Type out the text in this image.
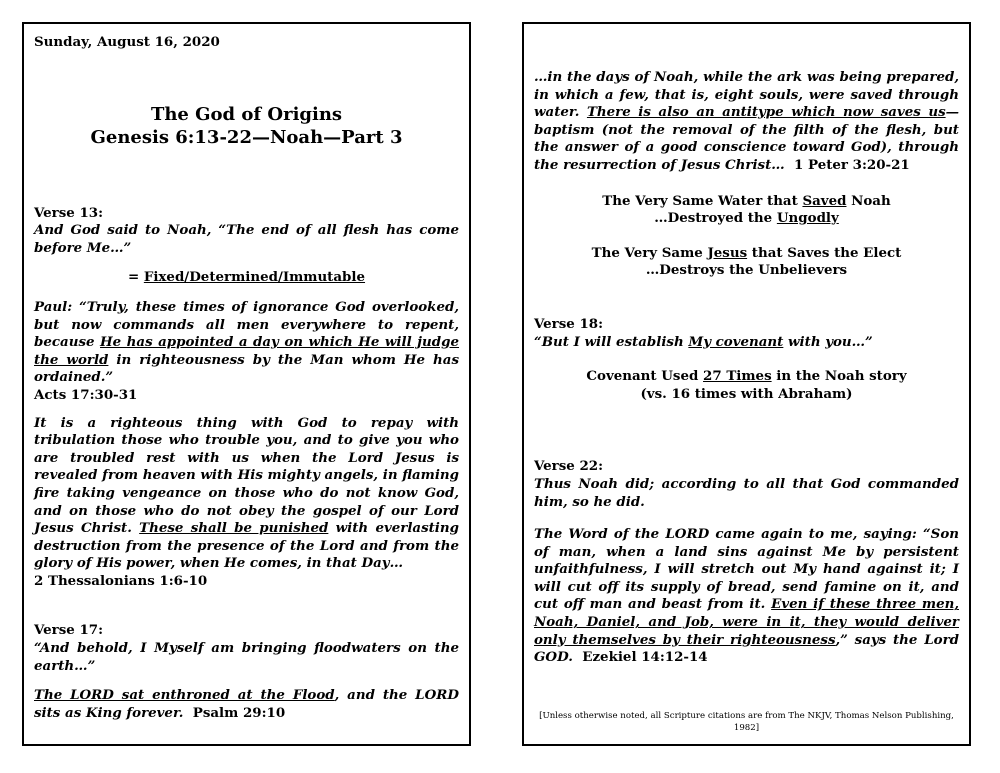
Sunday, August 16, 2020

The God of Origins

Genesis 6:13-22—Noah—Part 3

Verse 13:

And God said to Noah, “The end of all flesh has come before Me…”

= Fixed/Determined/Immutable

Paul: “Truly, these times of ignorance God overlooked, but now commands all men everywhere to repent, because He has appointed a day on which He will judge the world in righteousness by the Man whom He has ordained.”

Acts 17:30-31

It is a righteous thing with God to repay with tribulation those who trouble you, and to give you who are troubled rest with us when the Lord Jesus is revealed from heaven with His mighty angels, in flaming fire taking vengeance on those who do not know God, and on those who do not obey the gospel of our Lord Jesus Christ. These shall be punished with everlasting destruction from the presence of the Lord and from the glory of His power, when He comes, in that Day…

2 Thessalonians 1:6-10

Verse 17:

“And behold, I Myself am bringing floodwaters on the earth…”

The LORD sat enthroned at the Flood, and the LORD sits as King forever. Psalm 29:10

…in the days of Noah, while the ark was being prepared, in which a few, that is, eight souls, were saved through water. There is also an antitype which now saves us—baptism (not the removal of the filth of the flesh, but the answer of a good conscience toward God), through the resurrection of Jesus Christ… 1 Peter 3:20-21

The Very Same Water that Saved Noah

…Destroyed the Ungodly

The Very Same Jesus that Saves the Elect

…Destroys the Unbelievers

Verse 18:

“But I will establish My covenant with you…”

Covenant Used 27 Times in the Noah story

(vs. 16 times with Abraham)

Verse 22:

Thus Noah did; according to all that God commanded him, so he did.

The Word of the LORD came again to me, saying: “Son of man, when a land sins against Me by persistent unfaithfulness, I will stretch out My hand against it; I will cut off its supply of bread, send famine on it, and cut off man and beast from it. Even if these three men, Noah, Daniel, and Job, were in it, they would deliver only themselves by their righteousness,” says the Lord GOD. Ezekiel 14:12-14

[Unless otherwise noted, all Scripture citations are from The NKJV, Thomas Nelson Publishing, 1982]
